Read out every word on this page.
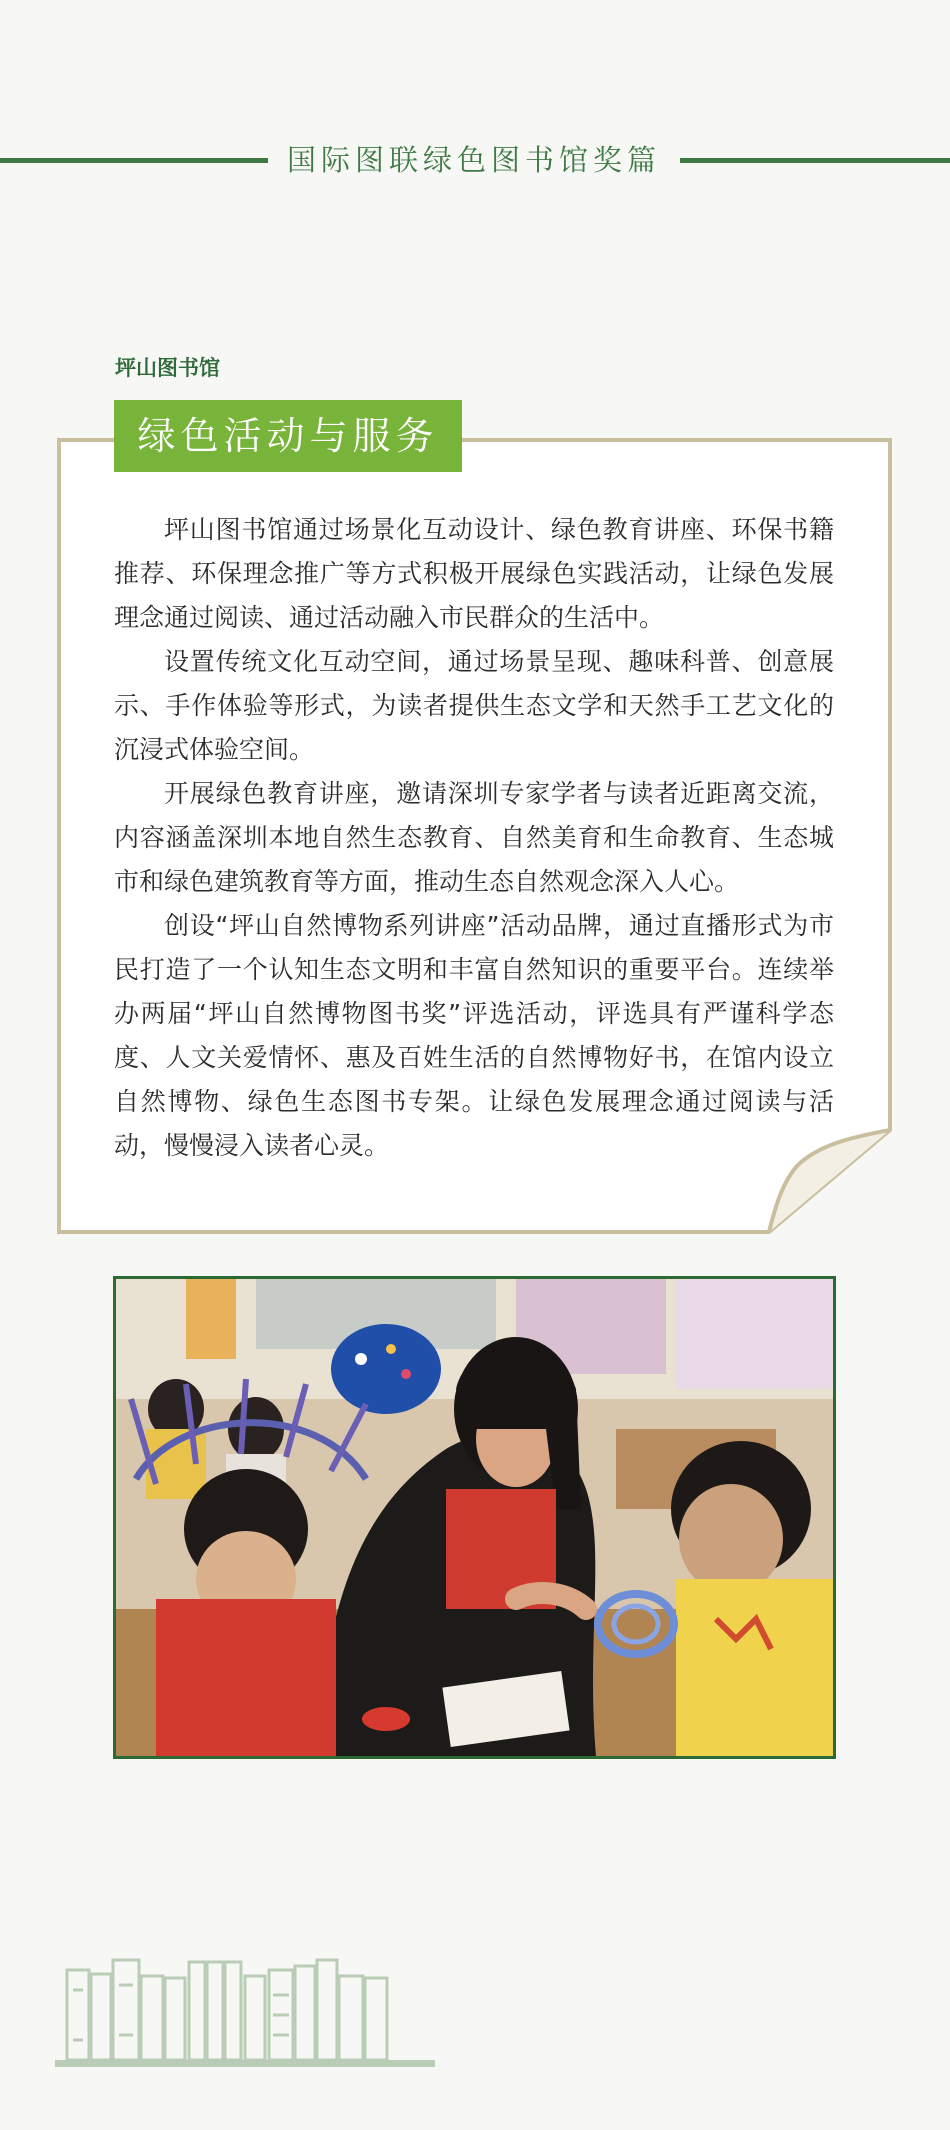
国际图联绿色图书馆奖篇
坪山图书馆
绿色活动与服务

坪山图书馆通过场景化互动设计、绿色教育讲座、环保书籍推荐、环保理念推广等方式积极开展绿色实践活动，让绿色发展理念通过阅读、通过活动融入市民群众的生活中。

设置传统文化互动空间，通过场景呈现、趣味科普、创意展示、手作体验等形式，为读者提供生态文学和天然手工艺文化的沉浸式体验空间。

开展绿色教育讲座，邀请深圳专家学者与读者近距离交流，内容涵盖深圳本地自然生态教育、自然美育和生命教育、生态城市和绿色建筑教育等方面，推动生态自然观念深入人心。

创设“坪山自然博物系列讲座”活动品牌，通过直播形式为市民打造了一个认知生态文明和丰富自然知识的重要平台。连续举办两届“坪山自然博物图书奖”评选活动，评选具有严谨科学态度、人文关爱情怀、惠及百姓生活的自然博物好书，在馆内设立自然博物、绿色生态图书专架。让绿色发展理念通过阅读与活动，慢慢浸入读者心灵。
